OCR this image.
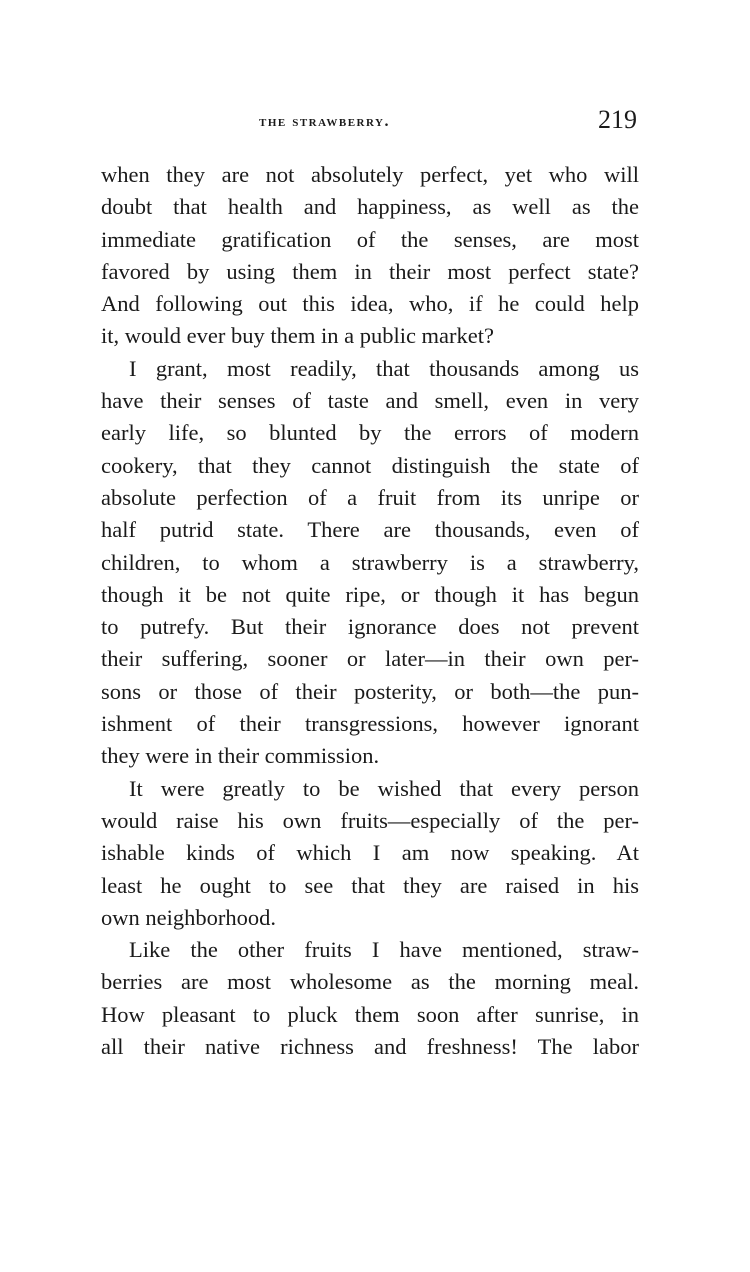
the strawberry.	219

when they are not absolutely perfect, yet who will
doubt that health and happiness, as well as the
immediate gratification of the senses, are most
favored by using them in their most perfect state?
And following out this idea, who, if he could help
it, would ever buy them in a public market?

I grant, most readily, that thousands among us
have their senses of taste and smell, even in very
early life, so blunted by the errors of modern
cookery, that they cannot distinguish the state of
absolute perfection of a fruit from its unripe or
half putrid state. There are thousands, even of
children, to whom a strawberry is a strawberry,
though it be not quite ripe, or though it has begun
to putrefy. But their ignorance does not prevent
their suffering, sooner or later—in their own per-
sons or those of their posterity, or both—the pun-
ishment of their transgressions, however ignorant
they were in their commission.

It were greatly to be wished that every person
would raise his own fruits—especially of the per-
ishable kinds of which I am now speaking. At
least he ought to see that they are raised in his
own neighborhood.

Like the other fruits I have mentioned, straw-
berries are most wholesome as the morning meal.
How pleasant to pluck them soon after sunrise, in
all their native richness and freshness! The labor
